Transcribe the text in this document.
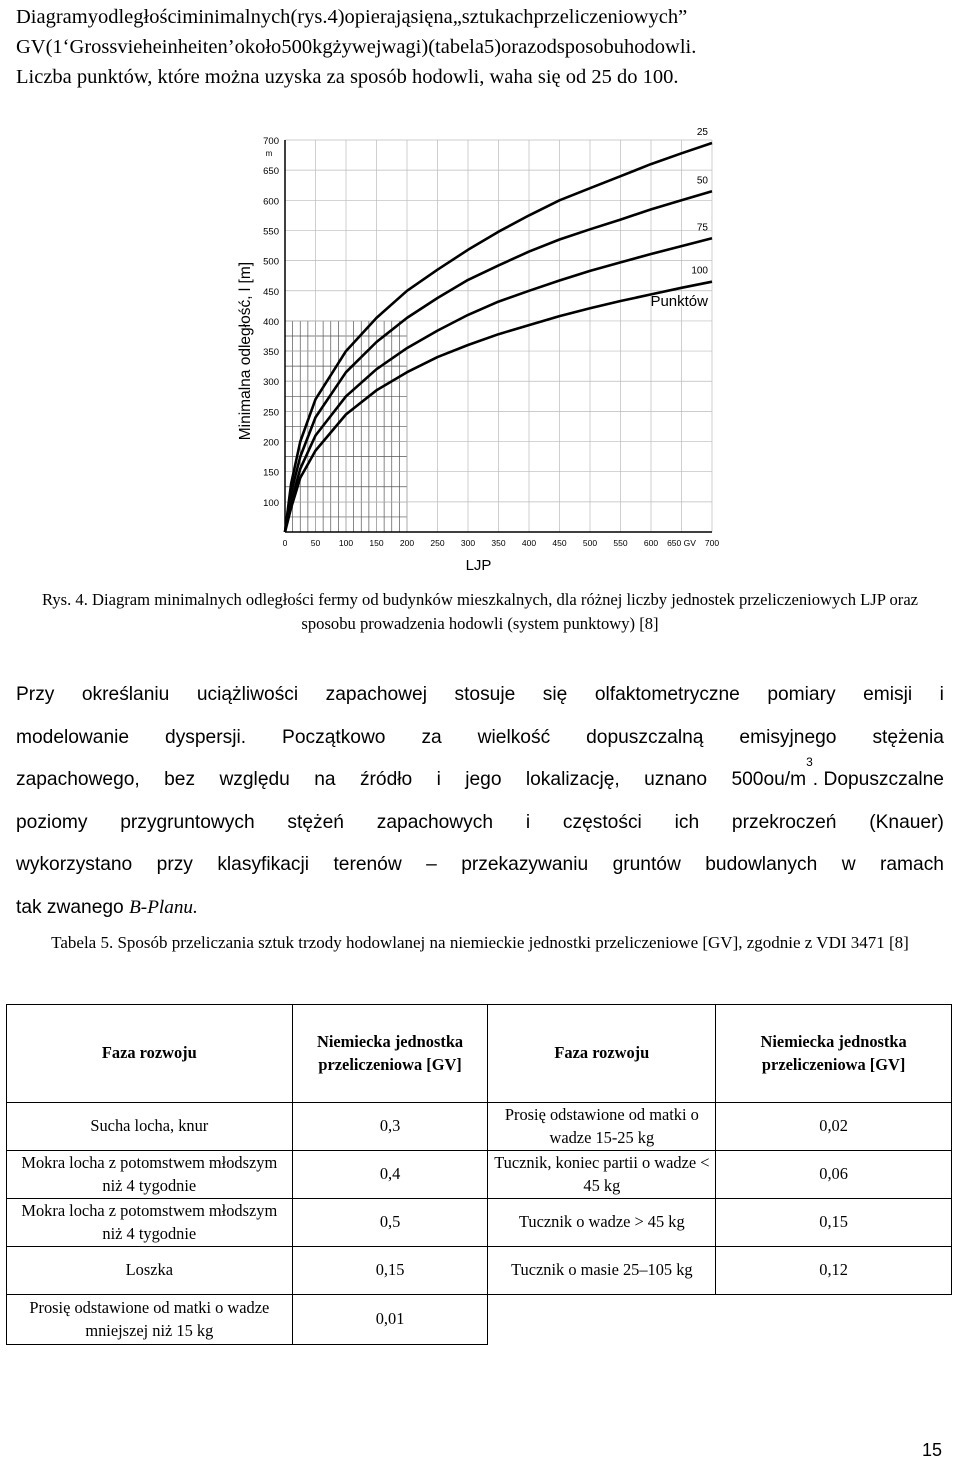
Diagramyodległościminimalnych(rys.4)opierająsięna„sztukachprzeliczeniowych”
GV(1‘Grossvieheinheiten’około500kgżywejwagi)(tabela5)orazodsposobuhodowli.
Liczba punktów, które można uzyska za sposób hodowli, waha się od 25 do 100.
100
150
200
250
300
350
400
450
500
550
600
650
700
m
0	50 100 150 200 250 300 350 400 450 500 550 600 650 GV 700
LJP
Minimalna odległość, l [m]
25
50
75
100
Punktów
Rys. 4. Diagram minimalnych odległości fermy od budynków mieszkalnych, dla różnej liczby jednostek przeliczeniowych LJP oraz sposobu prowadzenia hodowli (system punktowy) [8]
Przy określaniu uciążliwości zapachowej stosuje się olfaktometryczne pomiary emisji i
modelowanie dyspersji. Początkowo za wielkość dopuszczalną emisyjnego stężenia
zapachowego, bez względu na źródło i jego lokalizację, uznano $500ou/m^3$. Dopuszczalne
poziomy przygruntowych stężeń zapachowych i częstości ich przekroczeń (Knauer)
wykorzystano przy klasyfikacji terenów – przekazywaniu gruntów budowlanych w ramach
tak zwanego B-Planu.
Tabela 5. Sposób przeliczania sztuk trzody hodowlanej na niemieckie jednostki przeliczeniowe [GV], zgodnie z VDI 3471 [8]
Faza rozwoju	Niemiecka jednostka przeliczeniowa [GV]	Faza rozwoju	Niemiecka jednostka przeliczeniowa [GV]
Sucha locha, knur	0,3	Prosię odstawione od matki o wadze 15-25 kg	0,02
Mokra locha z potomstwem młodszym niż 4 tygodnie	0,4	Tucznik, koniec partii o wadze < 45 kg	0,06
Mokra locha z potomstwem młodszym niż 4 tygodnie	0,5	Tucznik o wadze > 45 kg	0,15
Loszka	0,15	Tucznik o masie 25–105 kg	0,12
Prosię odstawione od matki o wadze mniejszej niż 15 kg	0,01		
15
